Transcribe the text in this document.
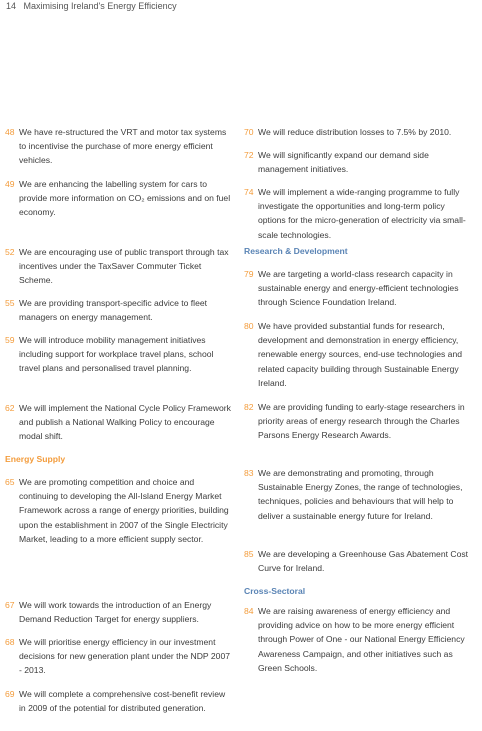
14 Maximising Ireland's Energy Efficiency
48 We have re-structured the VRT and motor tax systems to incentivise the purchase of more energy efficient vehicles.
49 We are enhancing the labelling system for cars to provide more information on CO₂ emissions and on fuel economy.
52 We are encouraging use of public transport through tax incentives under the TaxSaver Commuter Ticket Scheme.
55 We are providing transport-specific advice to fleet managers on energy management.
59 We will introduce mobility management initiatives including support for workplace travel plans, school travel plans and personalised travel planning.
62 We will implement the National Cycle Policy Framework and publish a National Walking Policy to encourage modal shift.
Energy Supply
65 We are promoting competition and choice and continuing to developing the All-Island Energy Market Framework across a range of energy priorities, building upon the establishment in 2007 of the Single Electricity Market, leading to a more efficient supply sector.
67 We will work towards the introduction of an Energy Demand Reduction Target for energy suppliers.
68 We will prioritise energy efficiency in our investment decisions for new generation plant under the NDP 2007 - 2013.
69 We will complete a comprehensive cost-benefit review in 2009 of the potential for distributed generation.
70 We will reduce distribution losses to 7.5% by 2010.
72 We will significantly expand our demand side management initiatives.
74 We will implement a wide-ranging programme to fully investigate the opportunities and long-term policy options for the micro-generation of electricity via small-scale technologies.
Research & Development
79 We are targeting a world-class research capacity in sustainable energy and energy-efficient technologies through Science Foundation Ireland.
80 We have provided substantial funds for research, development and demonstration in energy efficiency, renewable energy sources, end-use technologies and related capacity building through Sustainable Energy Ireland.
82 We are providing funding to early-stage researchers in priority areas of energy research through the Charles Parsons Energy Research Awards.
83 We are demonstrating and promoting, through Sustainable Energy Zones, the range of technologies, techniques, policies and behaviours that will help to deliver a sustainable energy future for Ireland.
85 We are developing a Greenhouse Gas Abatement Cost Curve for Ireland.
Cross-Sectoral
84 We are raising awareness of energy efficiency and providing advice on how to be more energy efficient through Power of One - our National Energy Efficiency Awareness Campaign, and other initiatives such as Green Schools.
